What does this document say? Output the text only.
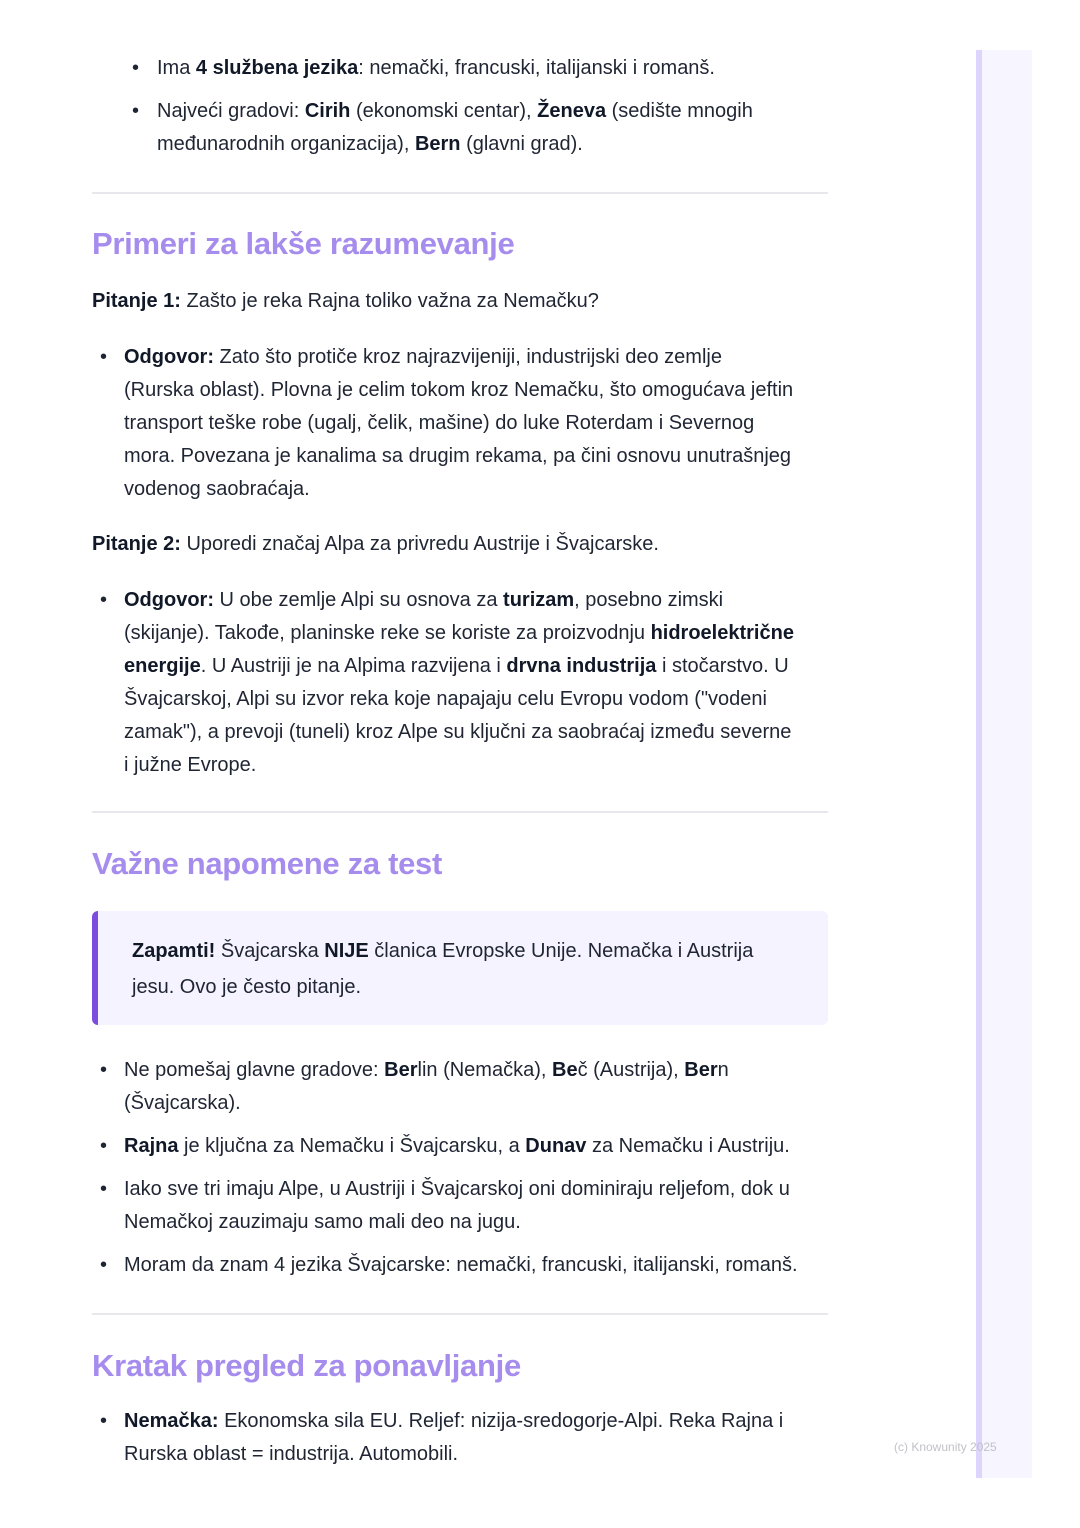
•
Ima 4 službena jezika: nemački, francuski, italijanski i romanš.
•
Najveći gradovi: Cirih (ekonomski centar), Ženeva (sedište mnogih
međunarodnih organizacija), Bern (glavni grad).
Primeri za lakše razumevanje
Pitanje 1: Zašto je reka Rajna toliko važna za Nemačku?
•
Odgovor: Zato što protiče kroz najrazvijeniji, industrijski deo zemlje
(Rurska oblast). Plovna je celim tokom kroz Nemačku, što omogućava jeftin
transport teške robe (ugalj, čelik, mašine) do luke Roterdam i Severnog
mora. Povezana je kanalima sa drugim rekama, pa čini osnovu unutrašnjeg
vodenog saobraćaja.
Pitanje 2: Uporedi značaj Alpa za privredu Austrije i Švajcarske.
•
Odgovor: U obe zemlje Alpi su osnova za turizam, posebno zimski
(skijanje). Takođe, planinske reke se koriste za proizvodnju hidroelektrične
energije. U Austriji je na Alpima razvijena i drvna industrija i stočarstvo. U
Švajcarskoj, Alpi su izvor reka koje napajaju celu Evropu vodom ("vodeni
zamak"), a prevoji (tuneli) kroz Alpe su ključni za saobraćaj između severne
i južne Evrope.
Važne napomene za test
Zapamti! Švajcarska NIJE članica Evropske Unije. Nemačka i Austrija
jesu. Ovo je često pitanje.
•
Ne pomešaj glavne gradove: Berlin (Nemačka), Beč (Austrija), Bern
(Švajcarska).
•
Rajna je ključna za Nemačku i Švajcarsku, a Dunav za Nemačku i Austriju.
•
Iako sve tri imaju Alpe, u Austriji i Švajcarskoj oni dominiraju reljefom, dok u
Nemačkoj zauzimaju samo mali deo na jugu.
•
Moram da znam 4 jezika Švajcarske: nemački, francuski, italijanski, romanš.
Kratak pregled za ponavljanje
•
Nemačka: Ekonomska sila EU. Reljef: nizija-sredogorje-Alpi. Reka Rajna i
Rurska oblast = industrija. Automobili.	(c) Knowunity 2025
